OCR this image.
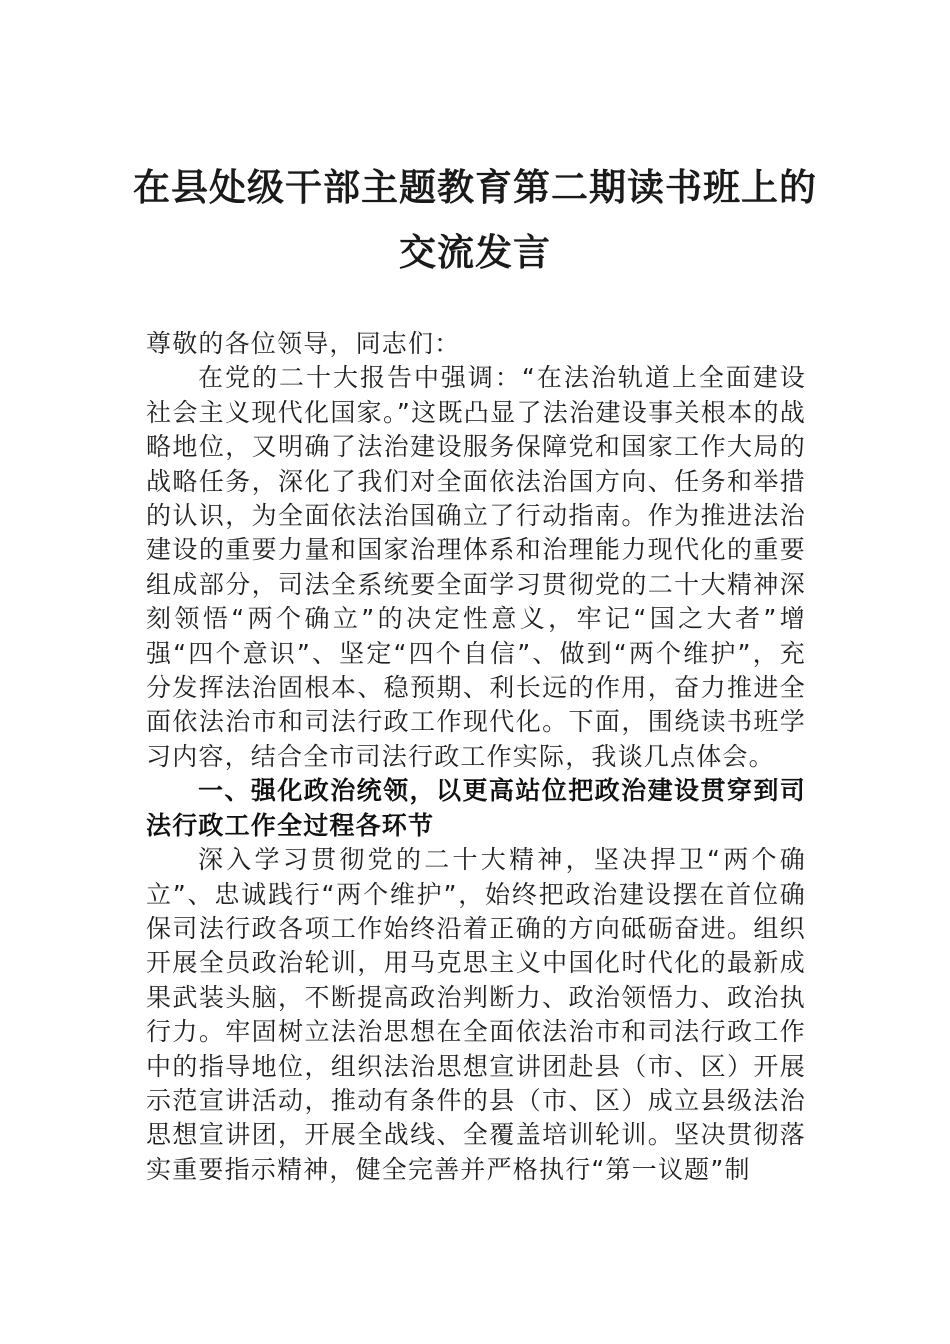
在县处级干部主题教育第二期读书班上的
交流发言

尊敬的各位领导，同志们：

在党的二十大报告中强调：“在法治轨道上全面建设社会主义现代化国家。”这既凸显了法治建设事关根本的战略地位，又明确了法治建设服务保障党和国家工作大局的战略任务，深化了我们对全面依法治国方向、任务和举措的认识，为全面依法治国确立了行动指南。作为推进法治建设的重要力量和国家治理体系和治理能力现代化的重要组成部分，司法全系统要全面学习贯彻党的二十大精神深刻领悟“两个确立”的决定性意义，牢记“国之大者”增强“四个意识”、坚定“四个自信”、做到“两个维护”，充分发挥法治固根本、稳预期、利长远的作用，奋力推进全面依法治市和司法行政工作现代化。下面，围绕读书班学习内容，结合全市司法行政工作实际，我谈几点体会。

一、强化政治统领，以更高站位把政治建设贯穿到司法行政工作全过程各环节

深入学习贯彻党的二十大精神，坚决捍卫“两个确立”、忠诚践行“两个维护”，始终把政治建设摆在首位确保司法行政各项工作始终沿着正确的方向砥砺奋进。组织开展全员政治轮训，用马克思主义中国化时代化的最新成果武装头脑，不断提高政治判断力、政治领悟力、政治执行力。牢固树立法治思想在全面依法治市和司法行政工作中的指导地位，组织法治思想宣讲团赴县（市、区）开展示范宣讲活动，推动有条件的县（市、区）成立县级法治思想宣讲团，开展全战线、全覆盖培训轮训。坚决贯彻落实重要指示精神，健全完善并严格执行“第一议题”制
